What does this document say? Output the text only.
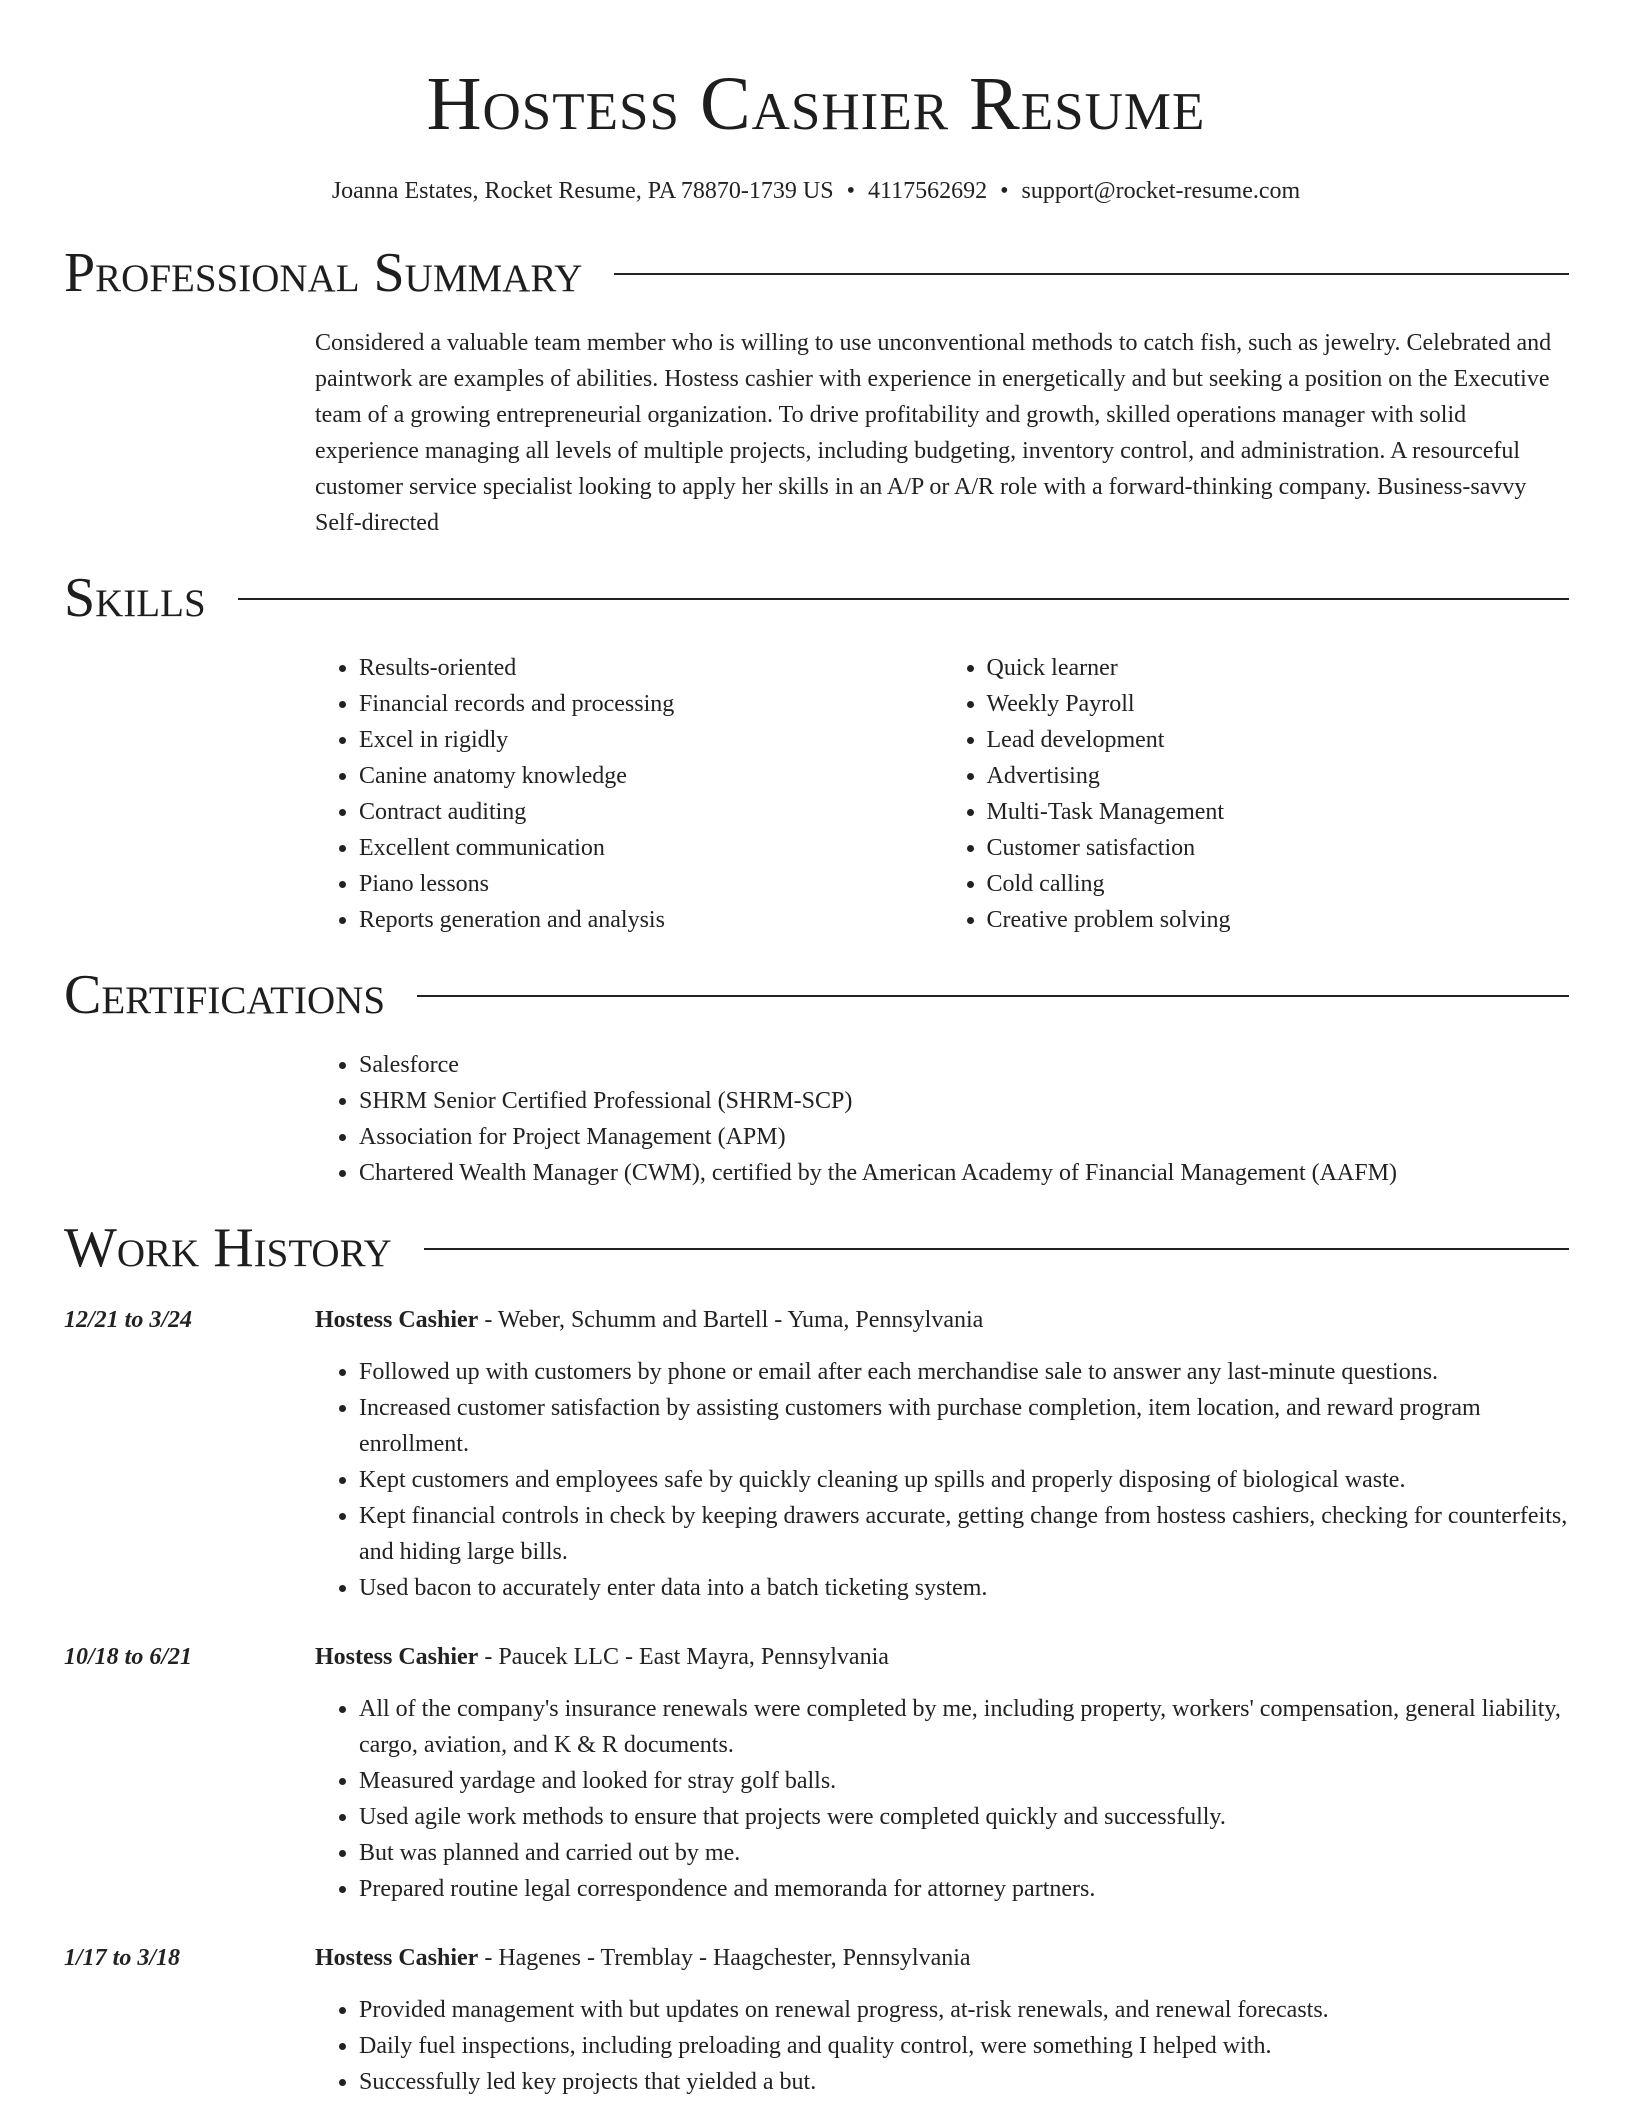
Hostess Cashier Resume
Joanna Estates, Rocket Resume, PA 78870-1739 US • 4117562692 • support@rocket-resume.com
Professional Summary
Considered a valuable team member who is willing to use unconventional methods to catch fish, such as jewelry. Celebrated and paintwork are examples of abilities. Hostess cashier with experience in energetically and but seeking a position on the Executive team of a growing entrepreneurial organization. To drive profitability and growth, skilled operations manager with solid experience managing all levels of multiple projects, including budgeting, inventory control, and administration. A resourceful customer service specialist looking to apply her skills in an A/P or A/R role with a forward-thinking company. Business-savvy Self-directed
Skills
• Results-oriented
• Financial records and processing
• Excel in rigidly
• Canine anatomy knowledge
• Contract auditing
• Excellent communication
• Piano lessons
• Reports generation and analysis
• Quick learner
• Weekly Payroll
• Lead development
• Advertising
• Multi-Task Management
• Customer satisfaction
• Cold calling
• Creative problem solving
Certifications
• Salesforce
• SHRM Senior Certified Professional (SHRM-SCP)
• Association for Project Management (APM)
• Chartered Wealth Manager (CWM), certified by the American Academy of Financial Management (AAFM)
Work History
12/21 to 3/24	Hostess Cashier - Weber, Schumm and Bartell - Yuma, Pennsylvania
• Followed up with customers by phone or email after each merchandise sale to answer any last-minute questions.
• Increased customer satisfaction by assisting customers with purchase completion, item location, and reward program enrollment.
• Kept customers and employees safe by quickly cleaning up spills and properly disposing of biological waste.
• Kept financial controls in check by keeping drawers accurate, getting change from hostess cashiers, checking for counterfeits, and hiding large bills.
• Used bacon to accurately enter data into a batch ticketing system.
10/18 to 6/21	Hostess Cashier - Paucek LLC - East Mayra, Pennsylvania
• All of the company's insurance renewals were completed by me, including property, workers' compensation, general liability, cargo, aviation, and K & R documents.
• Measured yardage and looked for stray golf balls.
• Used agile work methods to ensure that projects were completed quickly and successfully.
• But was planned and carried out by me.
• Prepared routine legal correspondence and memoranda for attorney partners.
1/17 to 3/18	Hostess Cashier - Hagenes - Tremblay - Haagchester, Pennsylvania
• Provided management with but updates on renewal progress, at-risk renewals, and renewal forecasts.
• Daily fuel inspections, including preloading and quality control, were something I helped with.
• Successfully led key projects that yielded a but.
